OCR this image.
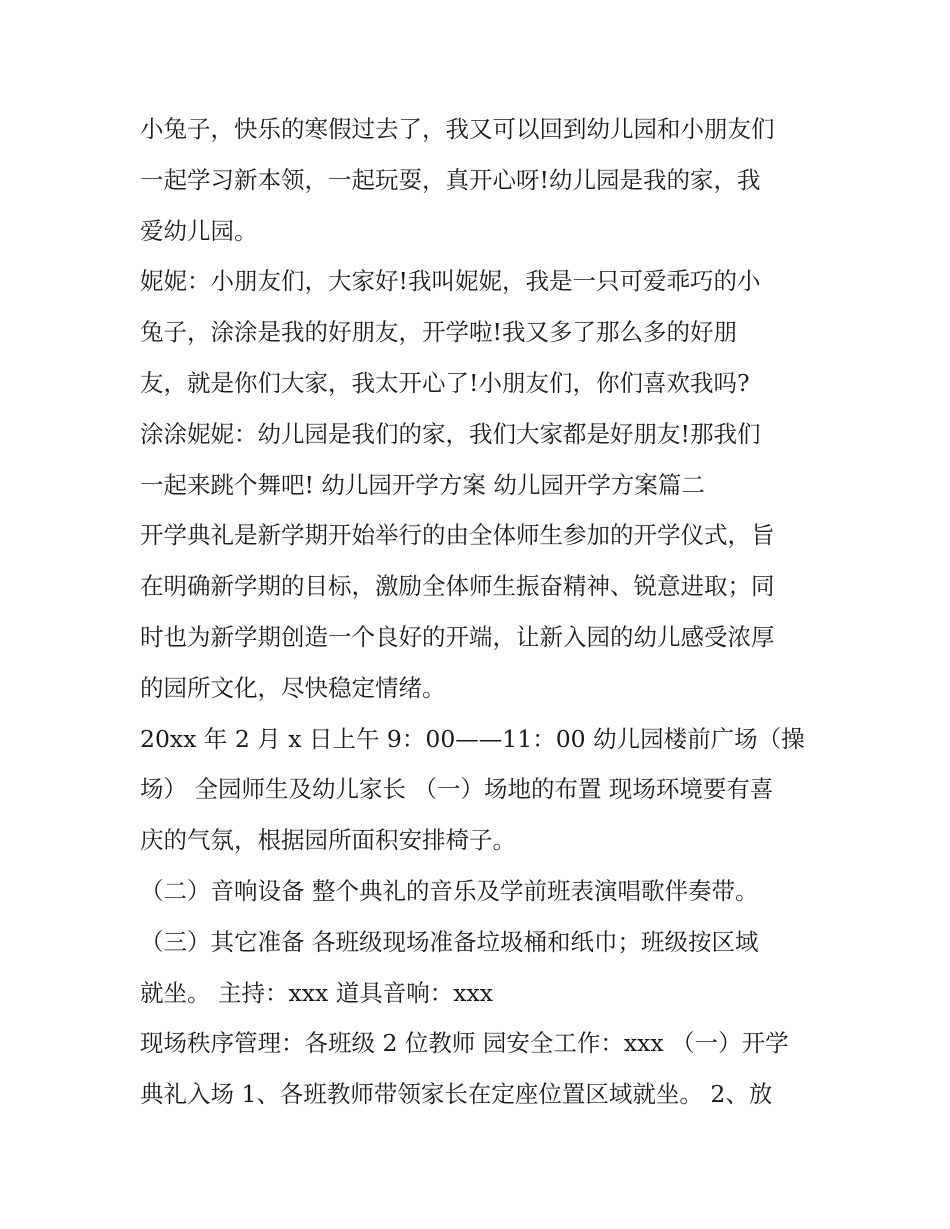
小兔子，快乐的寒假过去了，我又可以回到幼儿园和小朋友们
一起学习新本领，一起玩耍，真开心呀!幼儿园是我的家，我
爱幼儿园。

妮妮：小朋友们，大家好!我叫妮妮，我是一只可爱乖巧的小
兔子，涂涂是我的好朋友，开学啦!我又多了那么多的好朋
友，就是你们大家，我太开心了!小朋友们，你们喜欢我吗?

涂涂妮妮：幼儿园是我们的家，我们大家都是好朋友!那我们
一起来跳个舞吧! 幼儿园开学方案 幼儿园开学方案篇二

开学典礼是新学期开始举行的由全体师生参加的开学仪式，旨
在明确新学期的目标，激励全体师生振奋精神、锐意进取；同
时也为新学期创造一个良好的开端，让新入园的幼儿感受浓厚
的园所文化，尽快稳定情绪。

20xx 年 2 月 x 日上午 9：00——11：00 幼儿园楼前广场（操
场） 全园师生及幼儿家长 （一）场地的布置 现场环境要有喜
庆的气氛，根据园所面积安排椅子。

（二）音响设备 整个典礼的音乐及学前班表演唱歌伴奏带。

（三）其它准备 各班级现场准备垃圾桶和纸巾；班级按区域
就坐。 主持：xxx 道具音响：xxx

现场秩序管理：各班级 2 位教师 园安全工作：xxx （一）开学
典礼入场 1、各班教师带领家长在定座位置区域就坐。 2、放
